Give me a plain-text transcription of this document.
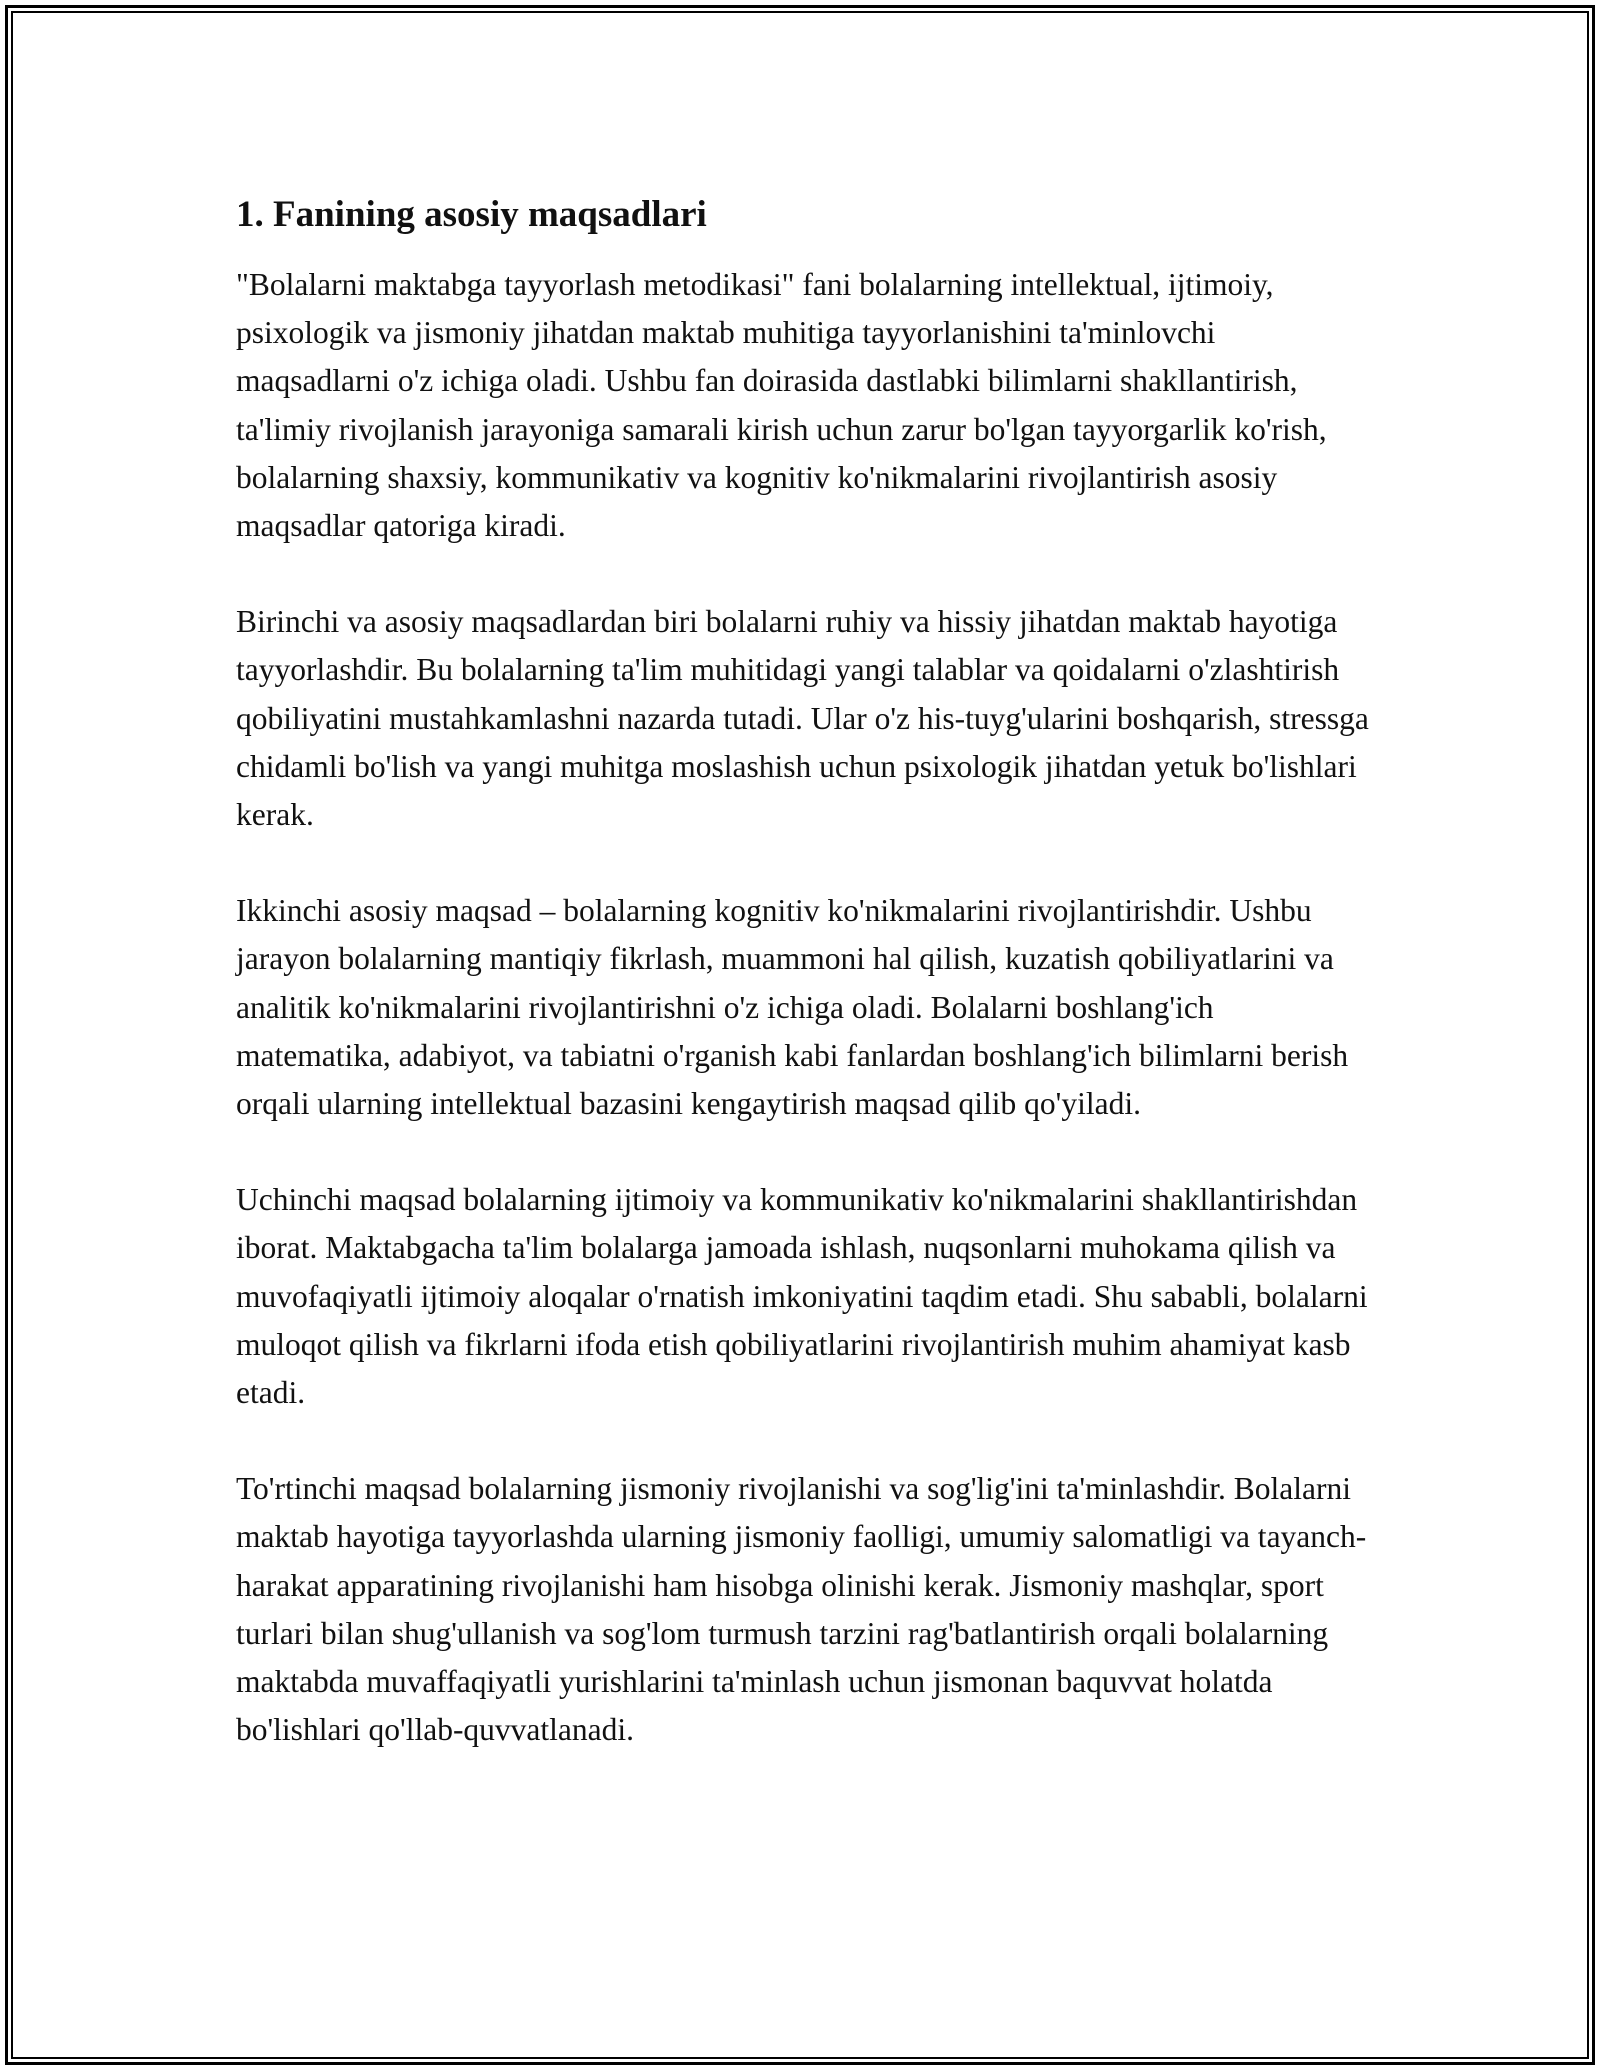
1. Fanining asosiy maqsadlari

"Bolalarni maktabga tayyorlash metodikasi" fani bolalarning intellektual, ijtimoiy, psixologik va jismoniy jihatdan maktab muhitiga tayyorlanishini ta'minlovchi maqsadlarni o'z ichiga oladi. Ushbu fan doirasida dastlabki bilimlarni shakllantirish, ta'limiy rivojlanish jarayoniga samarali kirish uchun zarur bo'lgan tayyorgarlik ko'rish, bolalarning shaxsiy, kommunikativ va kognitiv ko'nikmalarini rivojlantirish asosiy maqsadlar qatoriga kiradi.

Birinchi va asosiy maqsadlardan biri bolalarni ruhiy va hissiy jihatdan maktab hayotiga tayyorlashdir. Bu bolalarning ta'lim muhitidagi yangi talablar va qoidalarni o'zlashtirish qobiliyatini mustahkamlashni nazarda tutadi. Ular o'z his-tuyg'ularini boshqarish, stressga chidamli bo'lish va yangi muhitga moslashish uchun psixologik jihatdan yetuk bo'lishlari kerak.

Ikkinchi asosiy maqsad – bolalarning kognitiv ko'nikmalarini rivojlantirishdir. Ushbu jarayon bolalarning mantiqiy fikrlash, muammoni hal qilish, kuzatish qobiliyatlarini va analitik ko'nikmalarini rivojlantirishni o'z ichiga oladi. Bolalarni boshlang'ich matematika, adabiyot, va tabiatni o'rganish kabi fanlardan boshlang'ich bilimlarni berish orqali ularning intellektual bazasini kengaytirish maqsad qilib qo'yiladi.

Uchinchi maqsad bolalarning ijtimoiy va kommunikativ ko'nikmalarini shakllantirishdan iborat. Maktabgacha ta'lim bolalarga jamoada ishlash, nuqsonlarni muhokama qilish va muvofaqiyatli ijtimoiy aloqalar o'rnatish imkoniyatini taqdim etadi. Shu sababli, bolalarni muloqot qilish va fikrlarni ifoda etish qobiliyatlarini rivojlantirish muhim ahamiyat kasb etadi.

To'rtinchi maqsad bolalarning jismoniy rivojlanishi va sog'lig'ini ta'minlashdir. Bolalarni maktab hayotiga tayyorlashda ularning jismoniy faolligi, umumiy salomatligi va tayanch-harakat apparatining rivojlanishi ham hisobga olinishi kerak. Jismoniy mashqlar, sport turlari bilan shug'ullanish va sog'lom turmush tarzini rag'batlantirish orqali bolalarning maktabda muvaffaqiyatli yurishlarini ta'minlash uchun jismonan baquvvat holatda bo'lishlari qo'llab-quvvatlanadi.
